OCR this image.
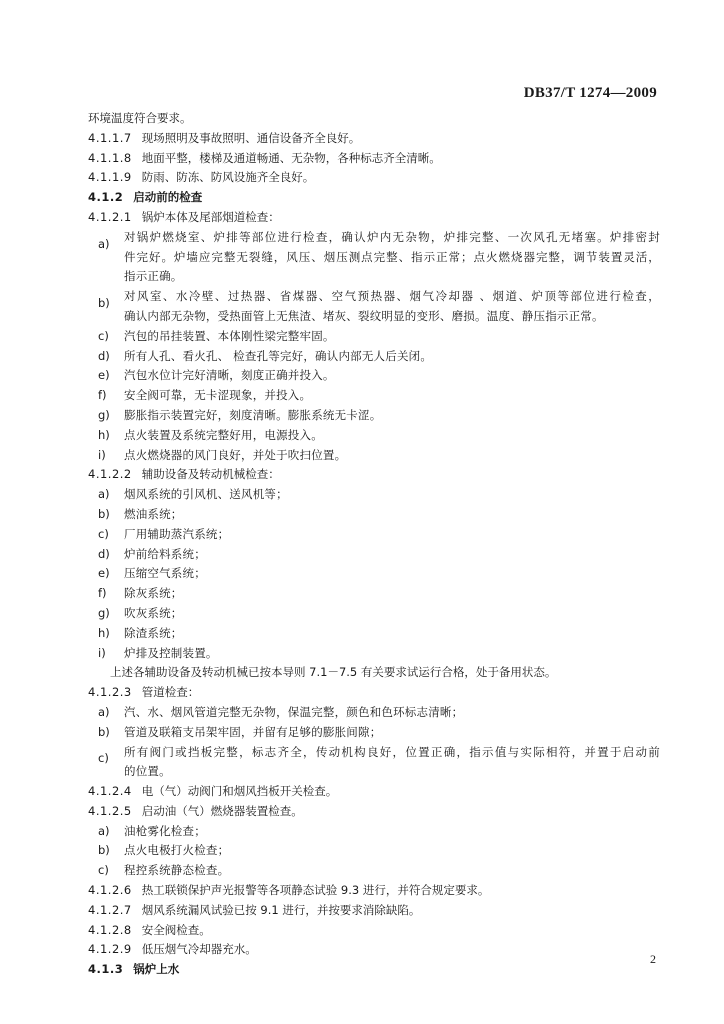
DB37/T 1274—2009
环境温度符合要求。
4.1.1.7 现场照明及事故照明、通信设备齐全良好。
4.1.1.8 地面平整，楼梯及通道畅通、无杂物，各种标志齐全清晰。
4.1.1.9 防雨、防冻、防风设施齐全良好。
4.1.2 启动前的检查
4.1.2.1 锅炉本体及尾部烟道检查：
a) 对锅炉燃烧室、炉排等部位进行检查，确认炉内无杂物，炉排完整、一次风孔无堵塞。炉排密封
件完好。炉墙应完整无裂缝，风压、烟压测点完整、指示正常；点火燃烧器完整，调节装置灵活，
指示正确。
b) 对风室、水冷壁、过热器、省煤器、空气预热器、烟气冷却器 、烟道、炉顶等部位进行检查，
确认内部无杂物，受热面管上无焦渣、堵灰、裂纹明显的变形、磨损。温度、静压指示正常。
c) 汽包的吊挂装置、本体刚性梁完整牢固。
d) 所有人孔、看火孔、 检查孔等完好，确认内部无人后关闭。
e) 汽包水位计完好清晰，刻度正确并投入。
f) 安全阀可靠，无卡涩现象，并投入。
g) 膨胀指示装置完好，刻度清晰。膨胀系统无卡涩。
h) 点火装置及系统完整好用，电源投入。
i) 点火燃烧器的风门良好，并处于吹扫位置。
4.1.2.2 辅助设备及转动机械检查：
a) 烟风系统的引风机、送风机等；
b) 燃油系统；
c) 厂用辅助蒸汽系统；
d) 炉前给料系统；
e) 压缩空气系统；
f) 除灰系统；
g) 吹灰系统；
h) 除渣系统；
i) 炉排及控制装置。
上述各辅助设备及转动机械已按本导则 7.1－7.5 有关要求试运行合格，处于备用状态。
4.1.2.3 管道检查：
a) 汽、水、烟风管道完整无杂物，保温完整，颜色和色环标志清晰；
b) 管道及联箱支吊架牢固，并留有足够的膨胀间隙；
c) 所有阀门或挡板完整，标志齐全，传动机构良好，位置正确，指示值与实际相符，并置于启动前
的位置。
4.1.2.4 电（气）动阀门和烟风挡板开关检查。
4.1.2.5 启动油（气）燃烧器装置检查。
a) 油枪雾化检查；
b) 点火电极打火检查；
c) 程控系统静态检查。
4.1.2.6 热工联锁保护声光报警等各项静态试验 9.3 进行，并符合规定要求。
4.1.2.7 烟风系统漏风试验已按 9.1 进行，并按要求消除缺陷。
4.1.2.8 安全阀检查。
4.1.2.9 低压烟气冷却器充水。
4.1.3 锅炉上水
2
